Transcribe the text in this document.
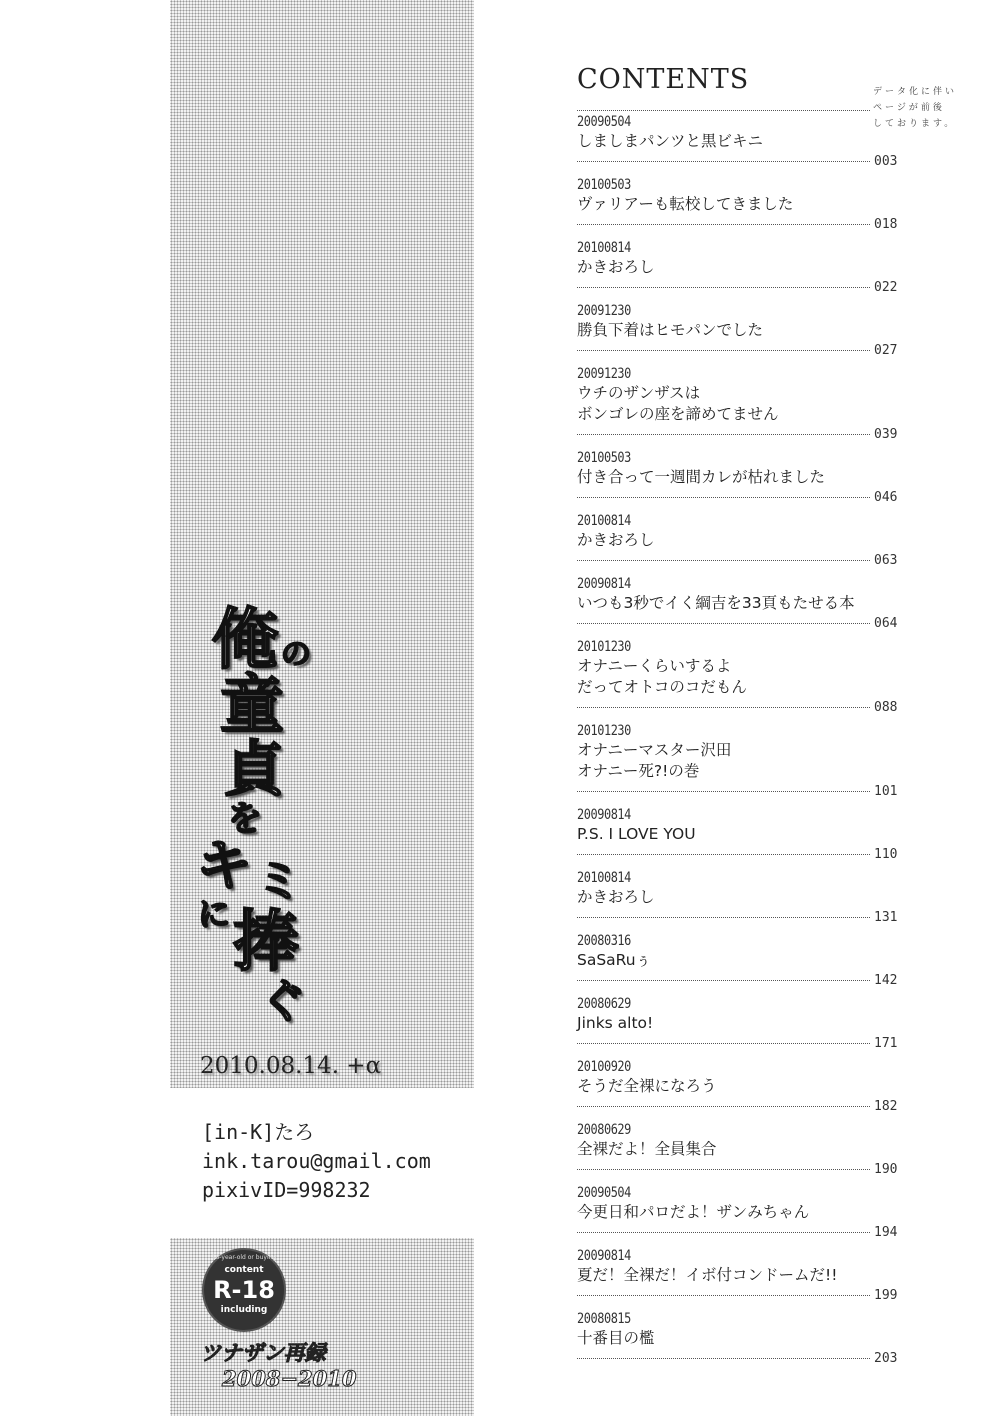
俺 の
童
貞
を
キ ミ
に 捧
ぐ
2010.08.14. +α
[in-K]たろ
ink.tarou@gmail.com
pixivID=998232
18-year-old or buying
content
R-18
including
ツナザン再録
2008−2010
CONTENTS	データ化に伴い
ページが前後
しております。
20090504
しましまパンツと黒ビキニ
003
20100503
ヴァリアーも転校してきました
018
20100814
かきおろし
022
20091230
勝負下着はヒモパンでした
027
20091230
ウチのザンザスは
ボンゴレの座を諦めてません
039
20100503
付き合って一週間カレが枯れました
046
20100814
かきおろし
063
20090814
いつも3秒でイく綱吉を33頁もたせる本
064
20101230
オナニーくらいするよ
だってオトコのコだもん
088
20101230
オナニーマスター沢田
オナニー死?!の巻
101
20090814
P.S. I LOVE YOU
110
20100814
かきおろし
131
20080316
SaSaRuぅ
142
20080629
Jinks alto!
171
20100920
そうだ全裸になろう
182
20080629
全裸だよ！全員集合
190
20090504
今更日和パロだよ！ザンみちゃん
194
20090814
夏だ！全裸だ！イボ付コンドームだ!!
199
20080815
十番目の檻
203
